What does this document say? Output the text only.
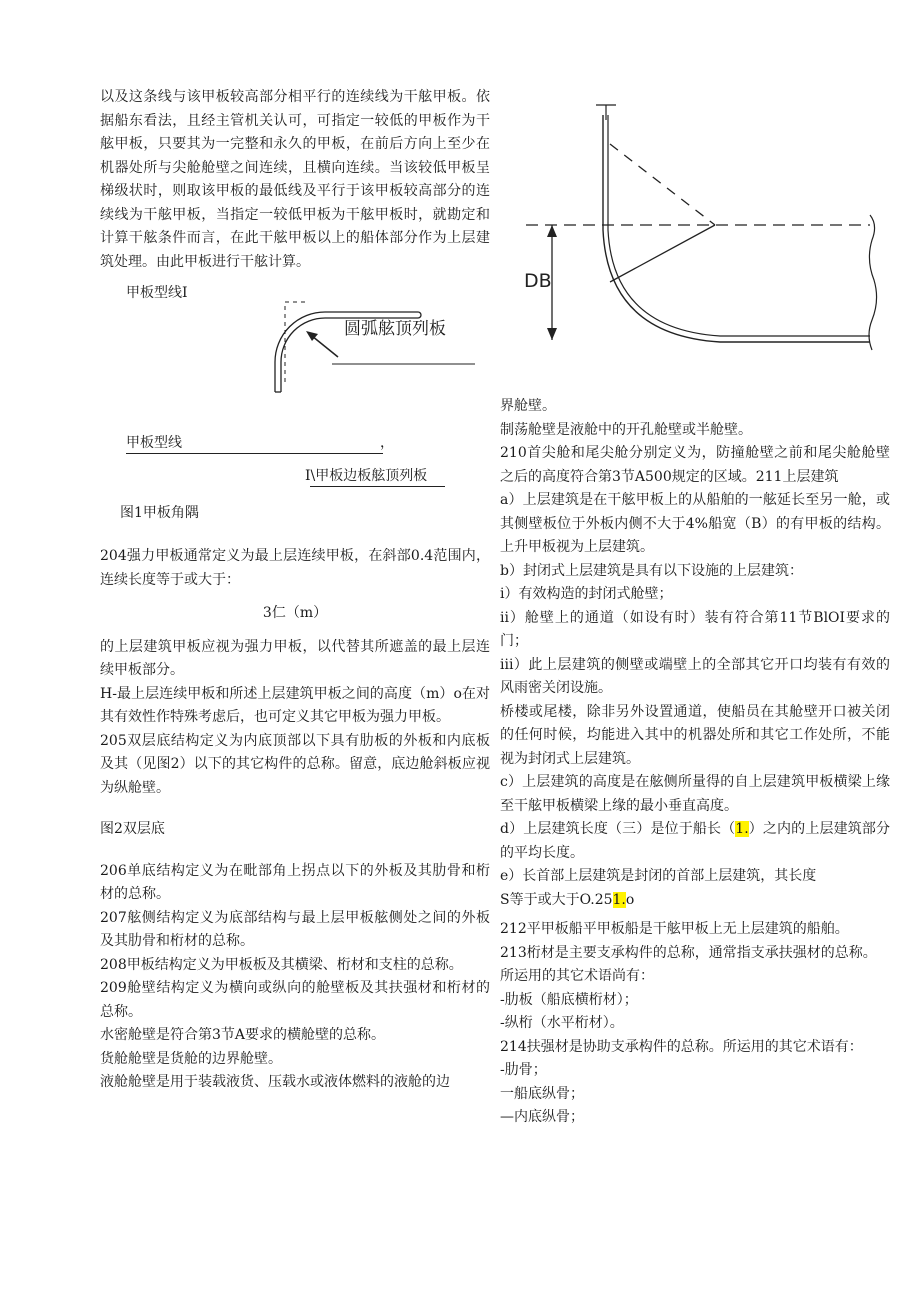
以及这条线与该甲板较高部分相平行的连续线为干舷甲板。依据船东看法，且经主管机关认可，可指定一较低的甲板作为干舷甲板，只要其为一完整和永久的甲板，在前后方向上至少在机器处所与尖舱舱壁之间连续，且横向连续。当该较低甲板呈梯级状时，则取该甲板的最低线及平行于该甲板较高部分的连续线为干舷甲板，当指定一较低甲板为干舷甲板时，就勘定和计算干舷条件而言，在此干舷甲板以上的船体部分作为上层建筑处理。由此甲板进行干舷计算。

甲板型线I
圆弧舷顶列板
甲板型线	，
I\甲板边板舷顶列板
图1甲板角隅

204强力甲板通常定义为最上层连续甲板，在斜部0.4范围内，连续长度等于或大于：

3仁（m）

的上层建筑甲板应视为强力甲板，以代替其所遮盖的最上层连续甲板部分。

H-最上层连续甲板和所述上层建筑甲板之间的高度（m）o在对其有效性作特殊考虑后，也可定义其它甲板为强力甲板。

205双层底结构定义为内底顶部以下具有肋板的外板和内底板及其（见图2）以下的其它构件的总称。留意，底边舱斜板应视为纵舱壁。

图2双层底

206单底结构定义为在毗部角上拐点以下的外板及其肋骨和桁材的总称。

207舷侧结构定义为底部结构与最上层甲板舷侧处之间的外板及其肋骨和桁材的总称。

208甲板结构定义为甲板板及其横梁、桁材和支柱的总称。

209舱壁结构定义为横向或纵向的舱壁板及其扶强材和桁材的总称。

水密舱壁是符合第3节A要求的横舱壁的总称。

货舱舱壁是货舱的边界舱壁。

液舱舱壁是用于装载液货、压载水或液体燃料的液舱的边

DB

界舱壁。

制荡舱壁是液舱中的开孔舱壁或半舱壁。

210首尖舱和尾尖舱分别定义为，防撞舱壁之前和尾尖舱舱壁之后的高度符合第3节A500规定的区域。211上层建筑

a）上层建筑是在干舷甲板上的从船舶的一舷延长至另一舱，或其侧壁板位于外板内侧不大于4%船宽（B）的有甲板的结构。上升甲板视为上层建筑。

b）封闭式上层建筑是具有以下设施的上层建筑：

i）有效构造的封闭式舱壁；

ii）舱壁上的通道（如设有时）装有符合第11节BlOI要求的门；

iii）此上层建筑的侧壁或端壁上的全部其它开口均装有有效的风雨密关闭设施。

桥楼或尾楼，除非另外设置通道，使船员在其舱壁开口被关闭的任何时候，均能进入其中的机器处所和其它工作处所，不能视为封闭式上层建筑。

c）上层建筑的高度是在舷侧所量得的自上层建筑甲板横梁上缘至干舷甲板横梁上缘的最小垂直高度。

d）上层建筑长度（三）是位于船长（1.）之内的上层建筑部分的平均长度。

e）长首部上层建筑是封闭的首部上层建筑，其长度

S等于或大于O.251.o

212平甲板船平甲板船是干舷甲板上无上层建筑的船舶。

213桁材是主要支承构件的总称，通常指支承扶强材的总称。

所运用的其它术语尚有：

-肋板（船底横桁材）；

-纵桁（水平桁材）。

214扶强材是协助支承构件的总称。所运用的其它术语有：

-肋骨；

一船底纵骨；

—内底纵骨；
